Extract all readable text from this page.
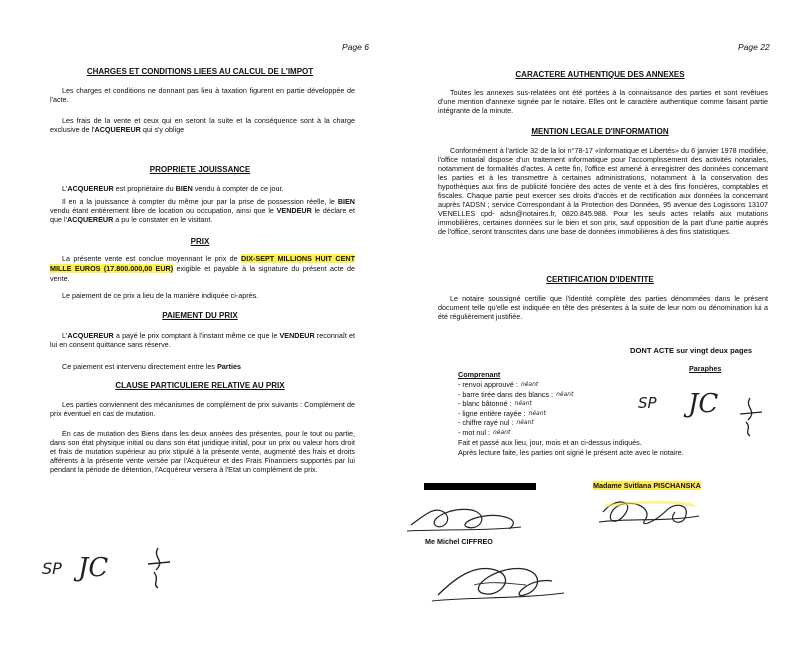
Page 6
CHARGES ET CONDITIONS LIEES AU CALCUL DE L'IMPOT
Les charges et conditions ne donnant pas lieu à taxation figurent en partie développée de l'acte.
Les frais de la vente et ceux qui en seront la suite et la conséquence sont à la charge exclusive de l'ACQUEREUR qui s'y oblige
PROPRIETE JOUISSANCE
L'ACQUEREUR est propriétaire du BIEN vendu à compter de ce jour.
Il en a la jouissance à compter du même jour par la prise de possession réelle, le BIEN vendu étant entièrement libre de location ou occupation, ainsi que le VENDEUR le déclare et que l'ACQUEREUR a pu le constater en le visitant.
PRIX
La présente vente est conclue moyennant le prix de DIX-SEPT MILLIONS HUIT CENT MILLE EUROS (17.800.000,00 EUR) exigible et payable à la signature du présent acte de vente.
Le paiement de ce prix a lieu de la manière indiquée ci-après.
PAIEMENT DU PRIX
L'ACQUEREUR a payé le prix comptant à l'instant même ce que le VENDEUR reconnaît et lui en consent quittance sans réserve.
Ce paiement est intervenu directement entre les Parties
CLAUSE PARTICULIERE RELATIVE AU PRIX
Les parties conviennent des mécanismes de complément de prix suivants : Complément de prix éventuel en cas de mutation.
En cas de mutation des Biens dans les deux années des présentes, pour le tout ou partie, dans son état physique initial ou dans son état juridique initial, pour un prix ou valeur hors droit et frais de mutation supérieur au prix stipulé à la présente vente, augmenté des frais et droits afférents à la présente vente versée par l'Acquéreur et des Frais Financiers supportés par lui pendant la période de détention, l'Acquéreur versera à l'Etat un complément de prix.
SP JC
Page 22
CARACTERE AUTHENTIQUE DES ANNEXES
Toutes les annexes sus-relatées ont été portées à la connaissance des parties et sont revêtues d'une mention d'annexe signée par le notaire. Elles ont le caractère authentique comme faisant partie intégrante de la minute.
MENTION LEGALE D'INFORMATION
Conformément à l'article 32 de la loi n°78-17 «Informatique et Libertés» du 6 janvier 1978 modifiée, l'office notarial dispose d'un traitement informatique pour l'accomplissement des activités notariales, notamment de formalités d'actes. A cette fin, l'office est amené à enregistrer des données concernant les parties et à les transmettre à certaines administrations, notamment à la conservation des hypothèques aux fins de publicité foncière des actes de vente et à des fins foncières, comptables et fiscales. Chaque partie peut exercer ses droits d'accès et de rectification aux données la concernant auprès l'ADSN ; service Correspondant à la Protection des Données, 95 avenue des Logissons 13107 VENELLES cpd- adsn@notaires.fr, 0820.845.988. Pour les seuls actes relatifs aux mutations immobilières, certaines données sur le bien et son prix, sauf opposition de la part d'une partie auprès de l'office, seront transcrites dans une base de données immobilières à des fins statistiques.
CERTIFICATION D'IDENTITE
Le notaire soussigné certifie que l'identité complète des parties dénommées dans le présent document telle qu'elle est indiquée en tête des présentes à la suite de leur nom ou dénomination lui a été régulièrement justifiée.
DONT ACTE sur vingt deux pages
Comprenant
Paraphes
- renvoi approuvé : néant
- barre tirée dans des blancs : néant
- blanc bâtonné : néant
- ligne entière rayée : néant
- chiffre rayé nul : néant
- mot nul : néant
SP JC
Fait et passé aux lieu, jour, mois et an ci-dessus indiqués.
Après lecture faite, les parties ont signé le présent acte avec le notaire.
Madame Svitlana PISCHANSKA
Me Michel CIFFREO
